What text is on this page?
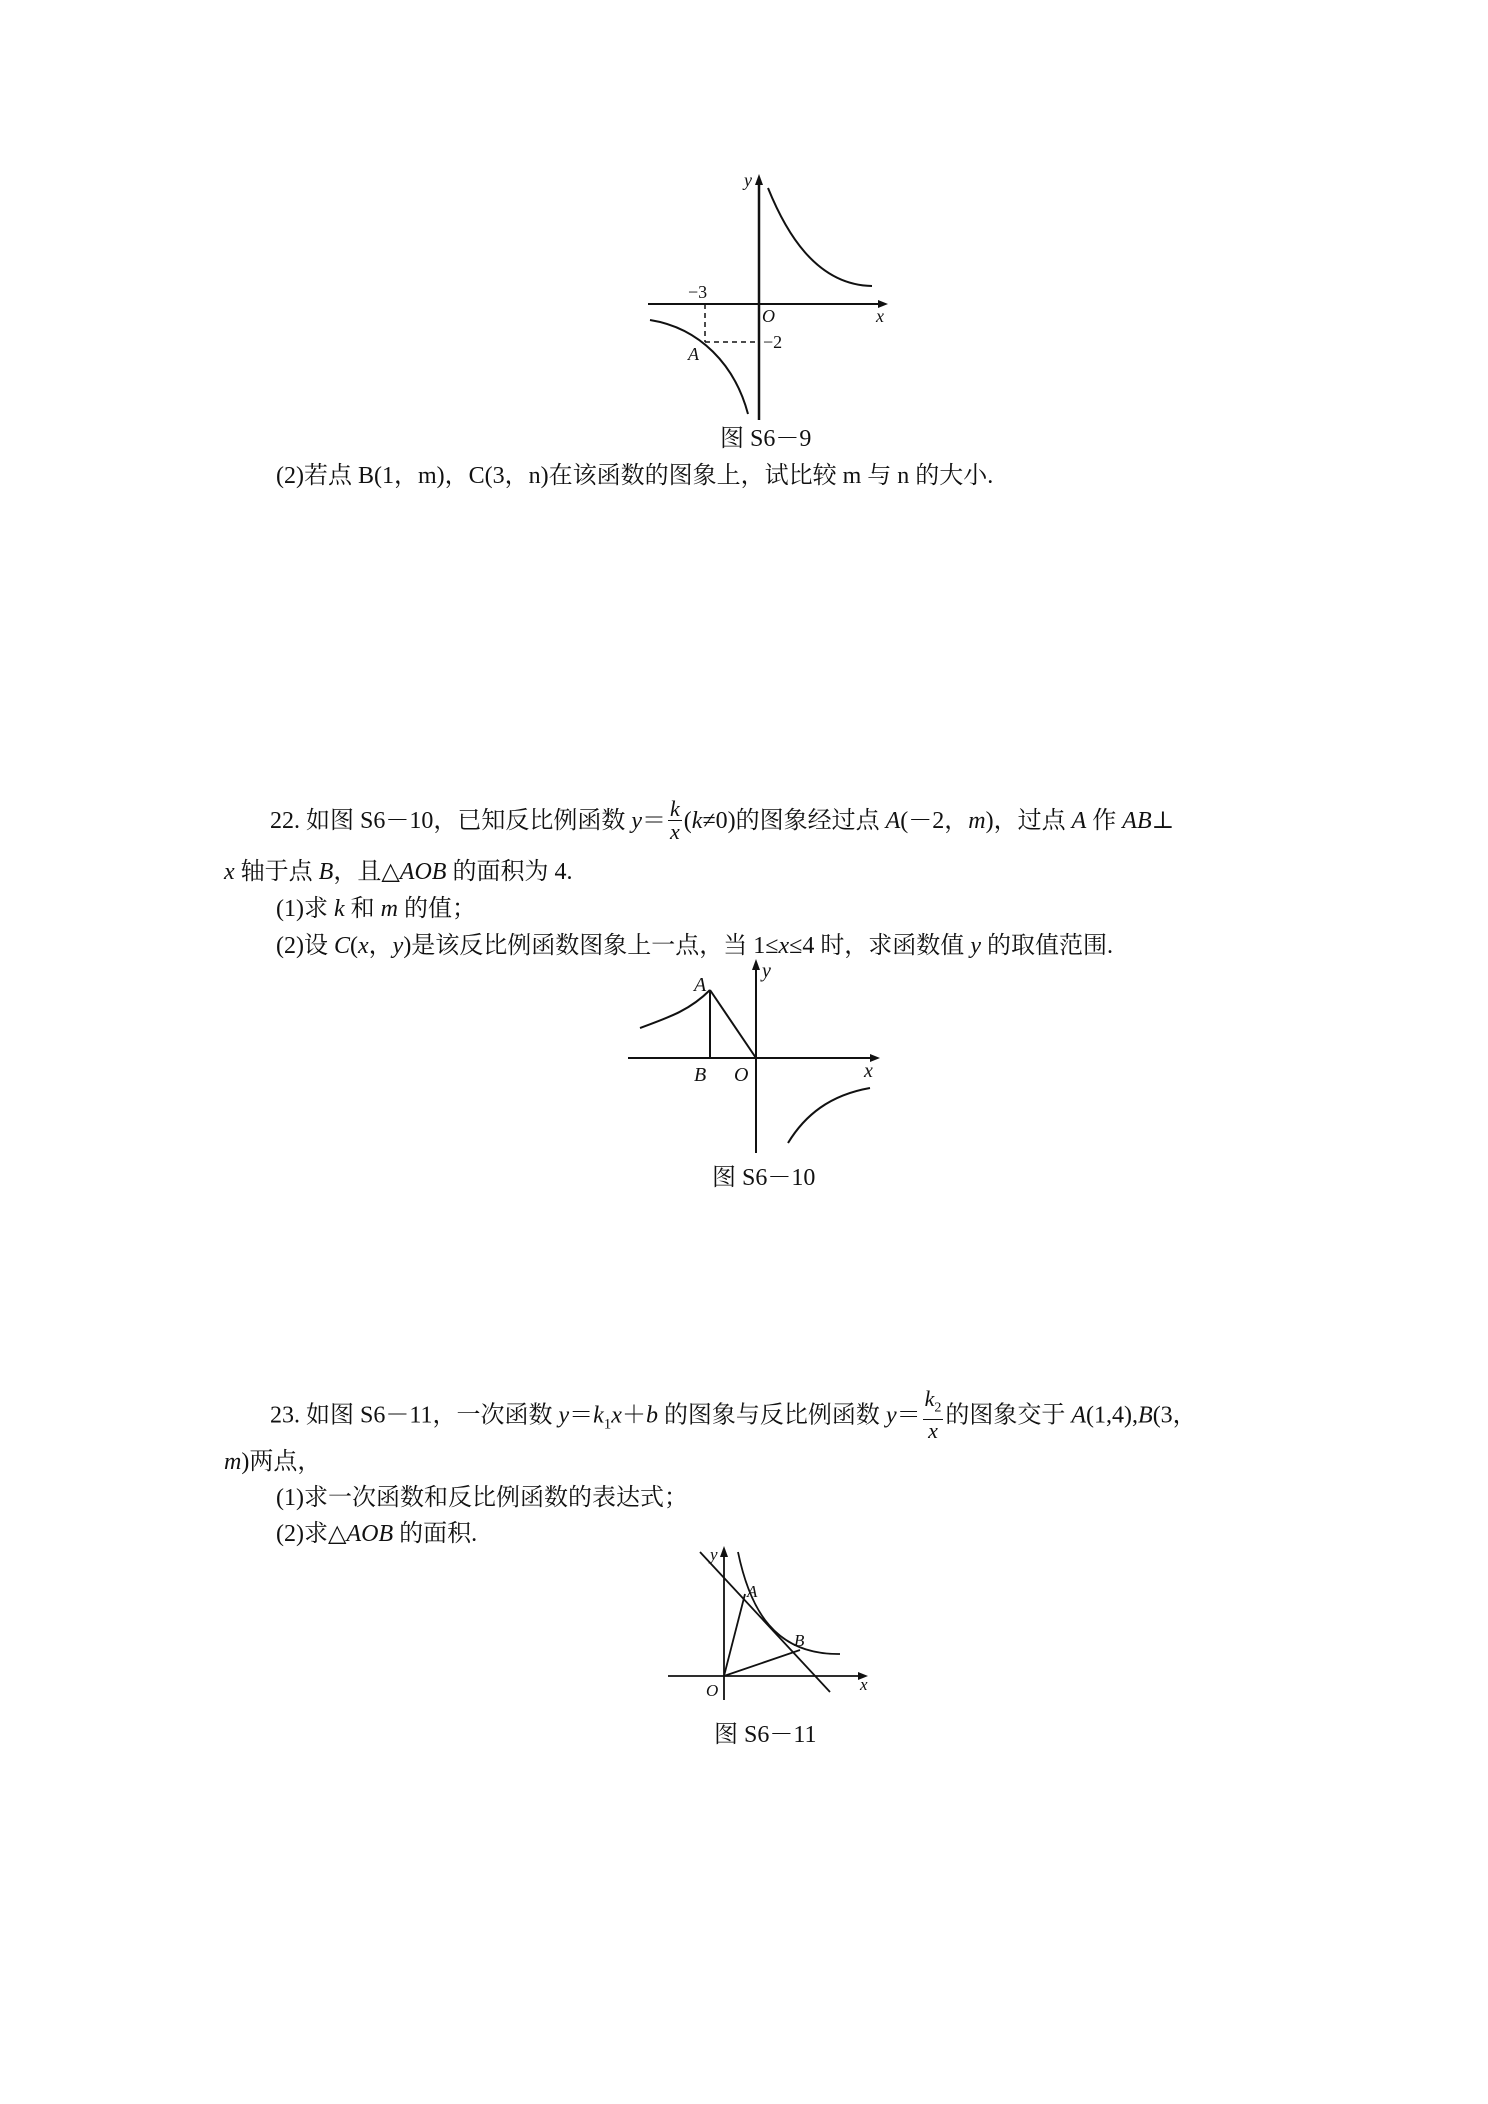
y
x
O
−3
−2
A
图 S6－9
(2)若点 B(1，m)，C(3，n)在该函数的图象上，试比较 m 与 n 的大小.
22. 如图 S6－10，已知反比例函数 $y= \frac{k}{x} (k\ne 0)$的图象经过点 A(－2，m)，过点 A 作 AB⊥
x 轴于点 B，且△AOB 的面积为 4.
(1)求 k 和 m 的值；
(2)设 C(x，y)是该反比例函数图象上一点，当 1≤x≤4 时，求函数值 y 的取值范围.
y
x
O
A
B
图 S6－10
23. 如图 S6－11，一次函数 $y=k_1x+b$ 的图象与反比例函数 $y= \frac{k_2}{x}$ 的图象交于 A(1,4),B(3，
m)两点，
(1)求一次函数和反比例函数的表达式；
(2)求△AOB 的面积.
y
x
O
A
B
图 S6－11
